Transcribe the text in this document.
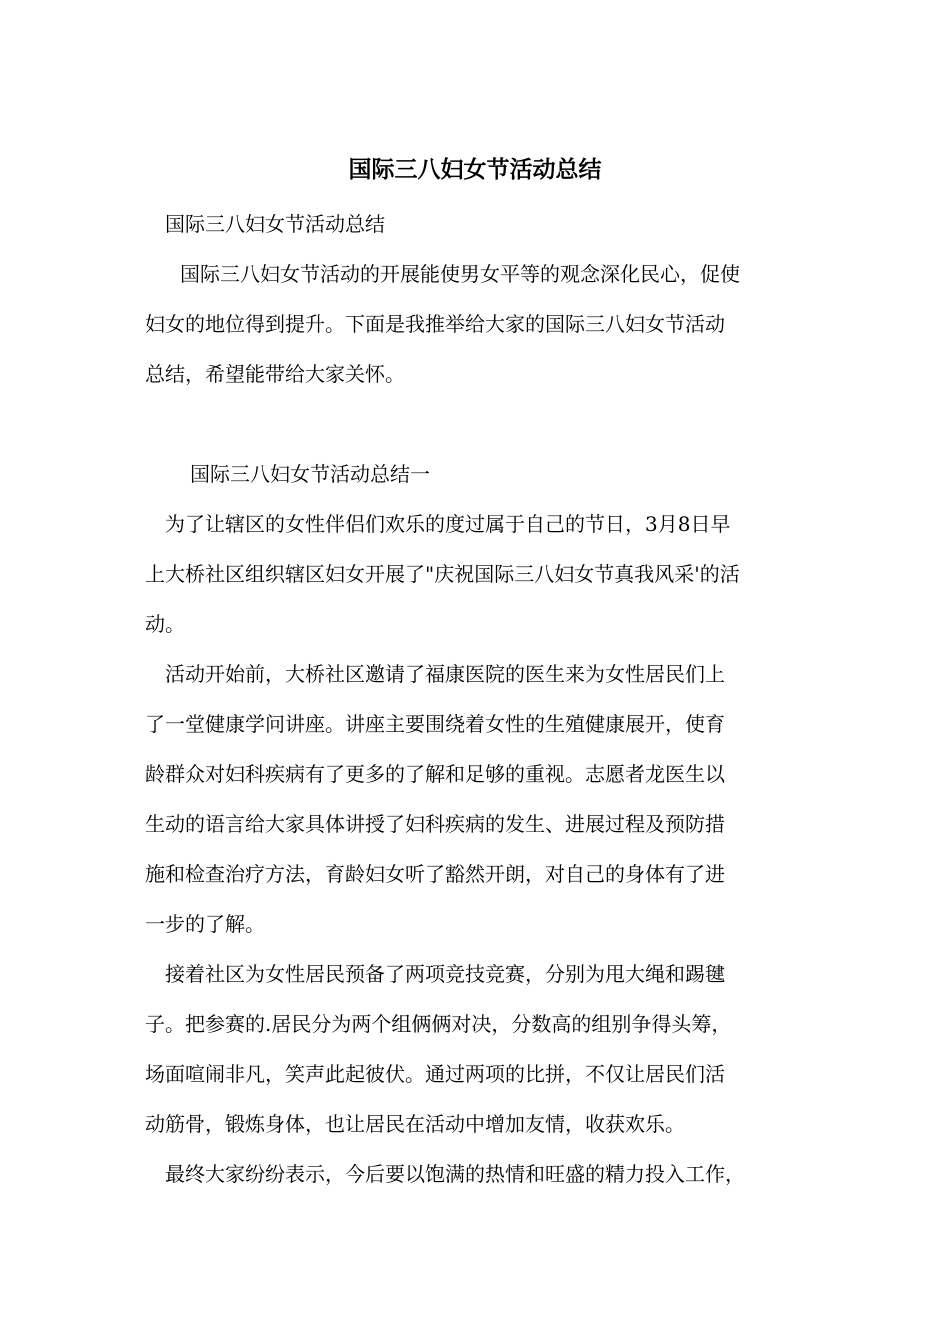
国际三八妇女节活动总结
国际三八妇女节活动总结
国际三八妇女节活动的开展能使男女平等的观念深化民心，促使
妇女的地位得到提升。下面是我推举给大家的国际三八妇女节活动
总结，希望能带给大家关怀。
国际三八妇女节活动总结一
为了让辖区的女性伴侣们欢乐的度过属于自己的节日，3月8日早
上大桥社区组织辖区妇女开展了"庆祝国际三八妇女节真我风采'的活
动。
活动开始前，大桥社区邀请了福康医院的医生来为女性居民们上
了一堂健康学问讲座。讲座主要围绕着女性的生殖健康展开，使育
龄群众对妇科疾病有了更多的了解和足够的重视。志愿者龙医生以
生动的语言给大家具体讲授了妇科疾病的发生、进展过程及预防措
施和检查治疗方法，育龄妇女听了豁然开朗，对自己的身体有了进
一步的了解。
接着社区为女性居民预备了两项竞技竞赛，分别为甩大绳和踢毽
子。把参赛的.居民分为两个组俩俩对决，分数高的组别争得头筹，
场面喧闹非凡，笑声此起彼伏。通过两项的比拼，不仅让居民们活
动筋骨，锻炼身体，也让居民在活动中增加友情，收获欢乐。
最终大家纷纷表示，今后要以饱满的热情和旺盛的精力投入工作，
